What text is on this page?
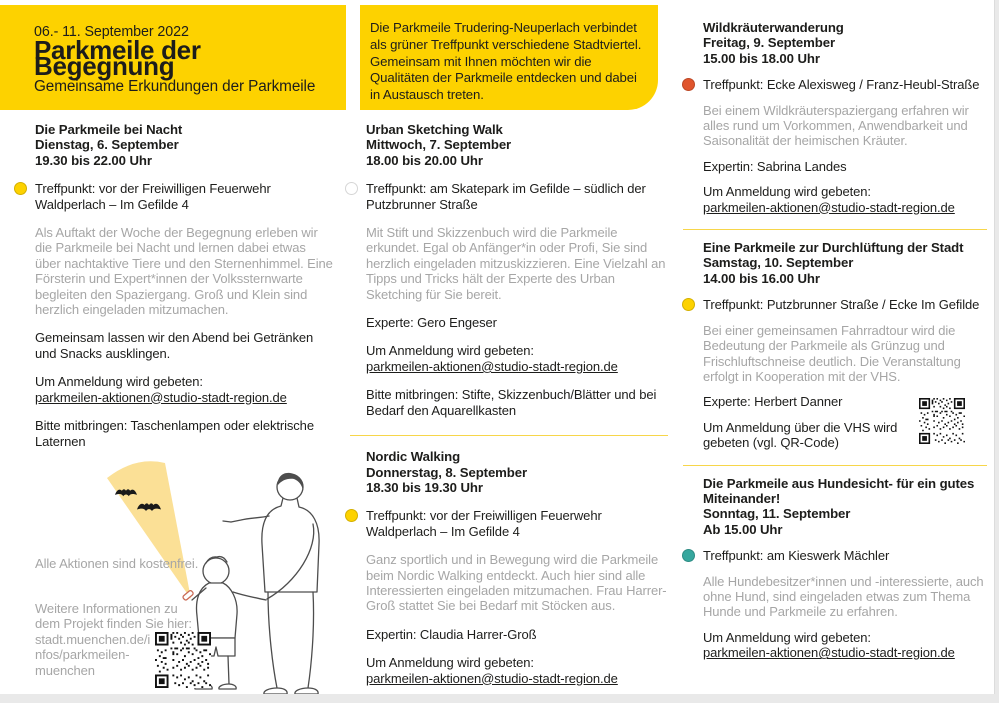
06.- 11. September 2022
Parkmeile der Begegnung
Gemeinsame Erkundungen der Parkmeile
Die Parkmeile Trudering-Neuperlach verbindet als grüner Treffpunkt verschiedene Stadtviertel. Gemeinsam mit Ihnen möchten wir die Qualitäten der Parkmeile entdecken und dabei in Austausch treten.
Die Parkmeile bei Nacht
Dienstag, 6. September
19.30 bis 22.00 Uhr
Treffpunkt: vor der Freiwilligen Feuerwehr Waldperlach – Im Gefilde 4

Als Auftakt der Woche der Begegnung erleben wir die Parkmeile bei Nacht und lernen dabei etwas über nachtaktive Tiere und den Sternenhimmel. Eine Försterin und Expert*innen der Volkssternwarte begleiten den Spaziergang. Groß und Klein sind herzlich eingeladen mitzumachen.

Gemeinsam lassen wir den Abend bei Getränken und Snacks ausklingen.

Um Anmeldung wird gebeten:
parkmeilen-aktionen@studio-stadt-region.de

Bitte mitbringen: Taschenlampen oder elektrische Laternen

Urban Sketching Walk
Mittwoch, 7. September
18.00 bis 20.00 Uhr
Treffpunkt: am Skatepark im Gefilde – südlich der Putzbrunner Straße

Mit Stift und Skizzenbuch wird die Parkmeile erkundet. Egal ob Anfänger*in oder Profi, Sie sind herzlich eingeladen mitzuskizzieren. Eine Vielzahl an Tipps und Tricks hält der Experte des Urban Sketching für Sie bereit.

Experte: Gero Engeser

Um Anmeldung wird gebeten:
parkmeilen-aktionen@studio-stadt-region.de

Bitte mitbringen: Stifte, Skizzenbuch/Blätter und bei Bedarf den Aquarellkasten

Nordic Walking
Donnerstag, 8. September
18.30 bis 19.30 Uhr
Treffpunkt: vor der Freiwilligen Feuerwehr Waldperlach – Im Gefilde 4

Ganz sportlich und in Bewegung wird die Parkmeile beim Nordic Walking entdeckt. Auch hier sind alle Interessierten eingeladen mitzumachen. Frau Harrer-Groß stattet Sie bei Bedarf mit Stöcken aus.

Expertin: Claudia Harrer-Groß

Um Anmeldung wird gebeten:
parkmeilen-aktionen@studio-stadt-region.de

Wildkräuterwanderung
Freitag, 9. September
15.00 bis 18.00 Uhr
Treffpunkt: Ecke Alexisweg / Franz-Heubl-Straße

Bei einem Wildkräuterspaziergang erfahren wir alles rund um Vorkommen, Anwendbarkeit und Saisonalität der heimischen Kräuter.

Expertin: Sabrina Landes

Um Anmeldung wird gebeten:
parkmeilen-aktionen@studio-stadt-region.de

Eine Parkmeile zur Durchlüftung der Stadt
Samstag, 10. September
14.00 bis 16.00 Uhr
Treffpunkt: Putzbrunner Straße / Ecke Im Gefilde

Bei einer gemeinsamen Fahrradtour wird die Bedeutung der Parkmeile als Grünzug und Frischluftschneise deutlich. Die Veranstaltung erfolgt in Kooperation mit der VHS.

Experte: Herbert Danner

Um Anmeldung über die VHS wird gebeten (vgl. QR-Code)

Die Parkmeile aus Hundesicht- für ein gutes Miteinander!
Sonntag, 11. September
Ab 15.00 Uhr
Treffpunkt: am Kieswerk Mächler

Alle Hundebesitzer*innen und -interessierte, auch ohne Hund, sind eingeladen etwas zum Thema Hunde und Parkmeile zu erfahren.

Um Anmeldung wird gebeten:
parkmeilen-aktionen@studio-stadt-region.de

Alle Aktionen sind kostenfrei.
Weitere Informationen zu dem Projekt finden Sie hier:
stadt.muenchen.de/infos/parkmeilen-muenchen
